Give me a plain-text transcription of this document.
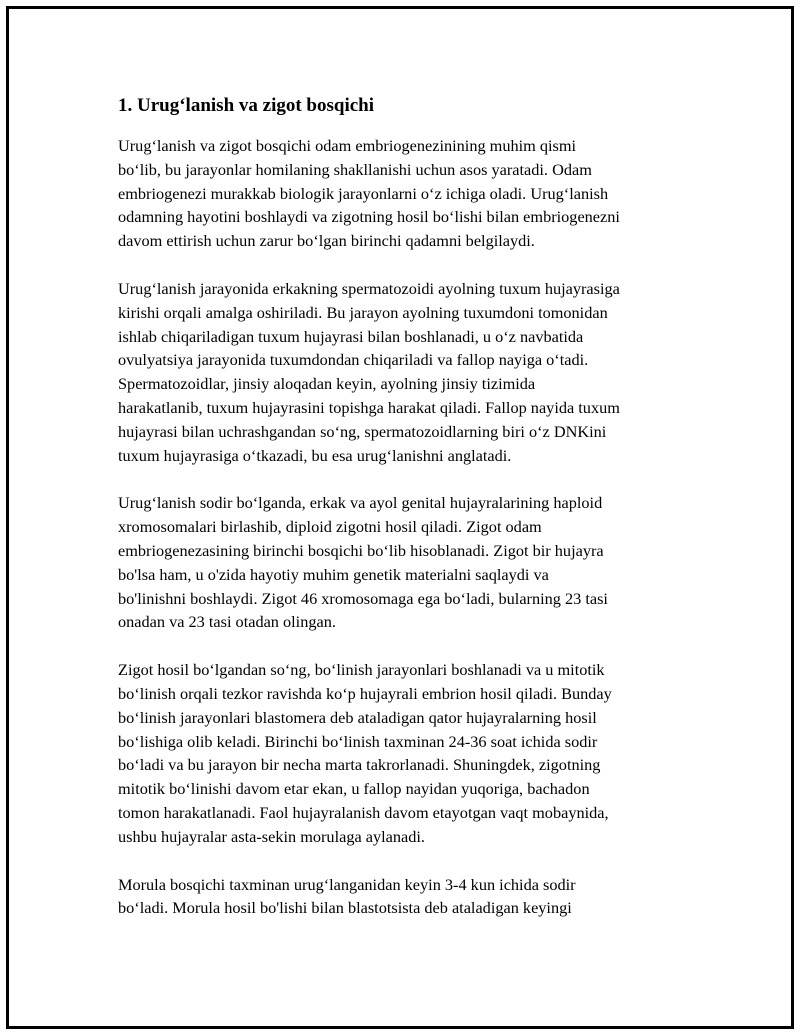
1. Urug‘lanish va zigot bosqichi

Urug‘lanish va zigot bosqichi odam embriogenezinining muhim qismi
bo‘lib, bu jarayonlar homilaning shakllanishi uchun asos yaratadi. Odam
embriogenezi murakkab biologik jarayonlarni o‘z ichiga oladi. Urug‘lanish
odamning hayotini boshlaydi va zigotning hosil bo‘lishi bilan embriogenezni
davom ettirish uchun zarur bo‘lgan birinchi qadamni belgilaydi.

Urug‘lanish jarayonida erkakning spermatozoidi ayolning tuxum hujayrasiga
kirishi orqali amalga oshiriladi. Bu jarayon ayolning tuxumdoni tomonidan
ishlab chiqariladigan tuxum hujayrasi bilan boshlanadi, u o‘z navbatida
ovulyatsiya jarayonida tuxumdondan chiqariladi va fallop nayiga o‘tadi.
Spermatozoidlar, jinsiy aloqadan keyin, ayolning jinsiy tizimida
harakatlanib, tuxum hujayrasini topishga harakat qiladi. Fallop nayida tuxum
hujayrasi bilan uchrashgandan so‘ng, spermatozoidlarning biri o‘z DNKini
tuxum hujayrasiga o‘tkazadi, bu esa urug‘lanishni anglatadi.

Urug‘lanish sodir bo‘lganda, erkak va ayol genital hujayralarining haploid
xromosomalari birlashib, diploid zigotni hosil qiladi. Zigot odam
embriogenezasining birinchi bosqichi bo‘lib hisoblanadi. Zigot bir hujayra
bo'lsa ham, u o'zida hayotiy muhim genetik materialni saqlaydi va
bo'linishni boshlaydi. Zigot 46 xromosomaga ega bo‘ladi, bularning 23 tasi
onadan va 23 tasi otadan olingan.

Zigot hosil bo‘lgandan so‘ng, bo‘linish jarayonlari boshlanadi va u mitotik
bo‘linish orqali tezkor ravishda ko‘p hujayrali embrion hosil qiladi. Bunday
bo‘linish jarayonlari blastomera deb ataladigan qator hujayralarning hosil
bo‘lishiga olib keladi. Birinchi bo‘linish taxminan 24-36 soat ichida sodir
bo‘ladi va bu jarayon bir necha marta takrorlanadi. Shuningdek, zigotning
mitotik bo‘linishi davom etar ekan, u fallop nayidan yuqoriga, bachadon
tomon harakatlanadi. Faol hujayralanish davom etayotgan vaqt mobaynida,
ushbu hujayralar asta-sekin morulaga aylanadi.

Morula bosqichi taxminan urug‘langanidan keyin 3-4 kun ichida sodir
bo‘ladi. Morula hosil bo'lishi bilan blastotsista deb ataladigan keyingi
